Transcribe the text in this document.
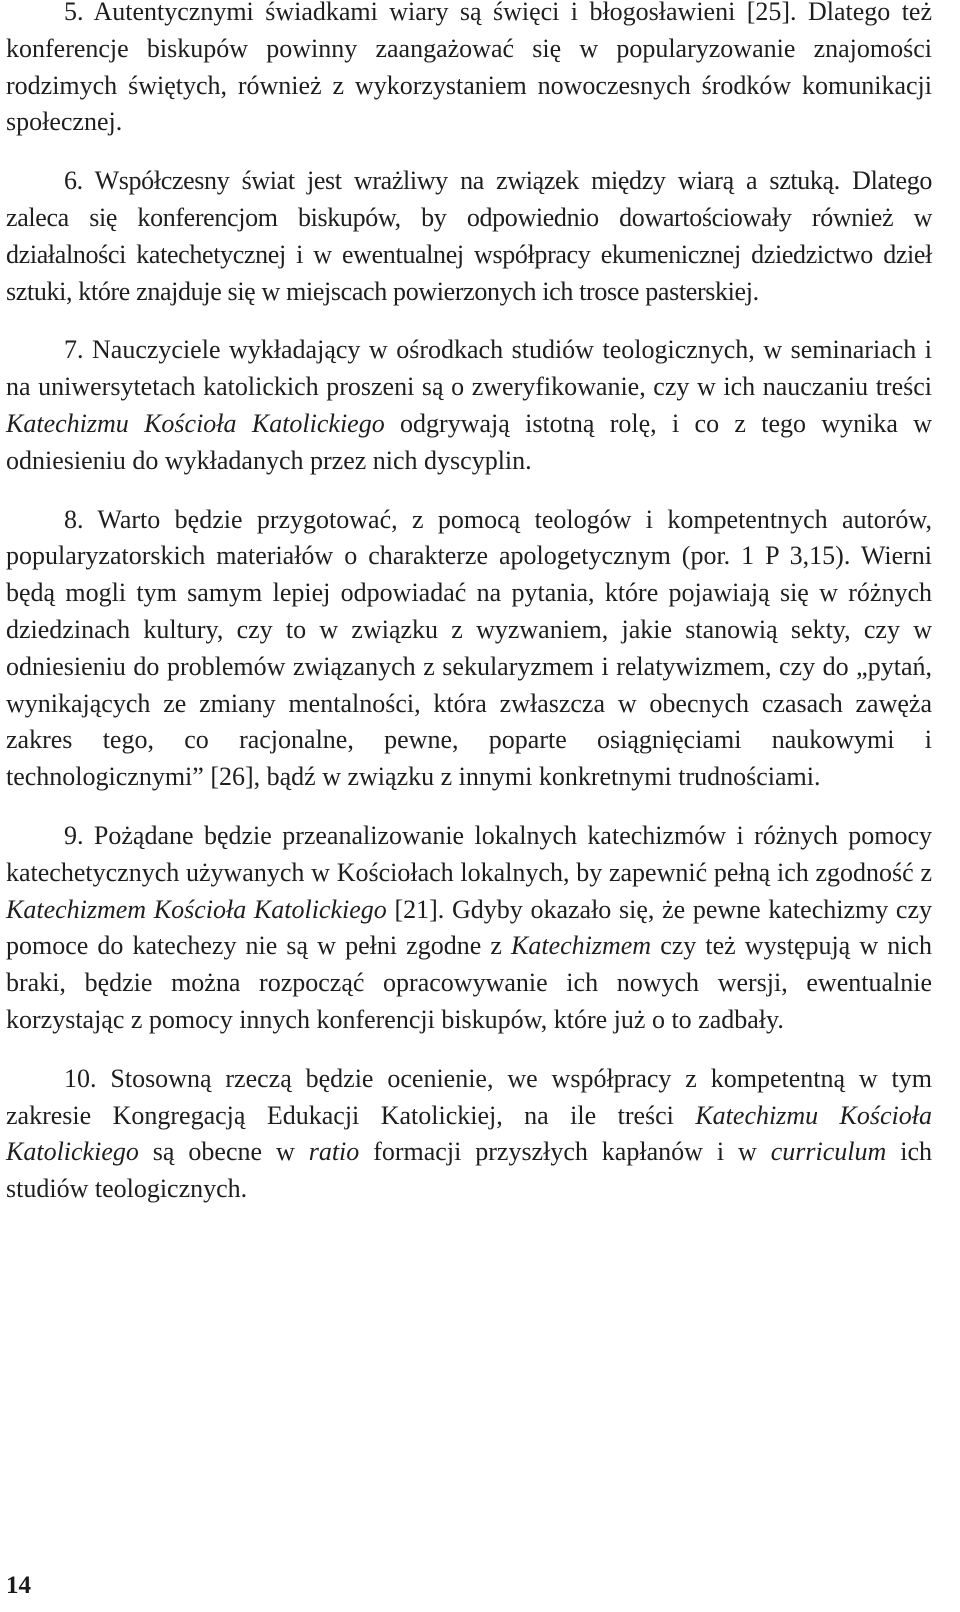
5. Autentycznymi świadkami wiary są święci i błogosławieni [25]. Dlatego też konferencje biskupów powinny zaangażować się w popularyzowanie znajomości rodzimych świętych, również z wykorzystaniem nowoczesnych środków komunikacji społecznej.

6. Współczesny świat jest wrażliwy na związek między wiarą a sztuką. Dlatego zaleca się konferencjom biskupów, by odpowiednio dowartościowały również w działalności katechetycznej i w ewentualnej współpracy ekumenicznej dziedzictwo dzieł sztuki, które znajduje się w miejscach powierzonych ich trosce pasterskiej.

7. Nauczyciele wykładający w ośrodkach studiów teologicznych, w seminariach i na uniwersytetach katolickich proszeni są o zweryfikowanie, czy w ich nauczaniu treści Katechizmu Kościoła Katolickiego odgrywają istotną rolę, i co z tego wynika w odniesieniu do wykładanych przez nich dyscyplin.

8. Warto będzie przygotować, z pomocą teologów i kompetentnych autorów, popularyzatorskich materiałów o charakterze apologetycznym (por. 1 P 3,15). Wierni będą mogli tym samym lepiej odpowiadać na pytania, które pojawiają się w różnych dziedzinach kultury, czy to w związku z wyzwaniem, jakie stanowią sekty, czy w odniesieniu do problemów związanych z sekularyzmem i relatywizmem, czy do „pytań, wynikających ze zmiany mentalności, która zwłaszcza w obecnych czasach zawęża zakres tego, co racjonalne, pewne, poparte osiągnięciami naukowymi i technologicznymi” [26], bądź w związku z innymi konkretnymi trudnościami.

9. Pożądane będzie przeanalizowanie lokalnych katechizmów i różnych pomocy katechetycznych używanych w Kościołach lokalnych, by zapewnić pełną ich zgodność z Katechizmem Kościoła Katolickiego [21]. Gdyby okazało się, że pewne katechizmy czy pomoce do katechezy nie są w pełni zgodne z Katechizmem czy też występują w nich braki, będzie można rozpocząć opracowywanie ich nowych wersji, ewentualnie korzystając z pomocy innych konferencji biskupów, które już o to zadbały.

10. Stosowną rzeczą będzie ocenienie, we współpracy z kompetentną w tym zakresie Kongregacją Edukacji Katolickiej, na ile treści Katechizmu Kościoła Katolickiego są obecne w ratio formacji przyszłych kapłanów i w curriculum ich studiów teologicznych.

14
